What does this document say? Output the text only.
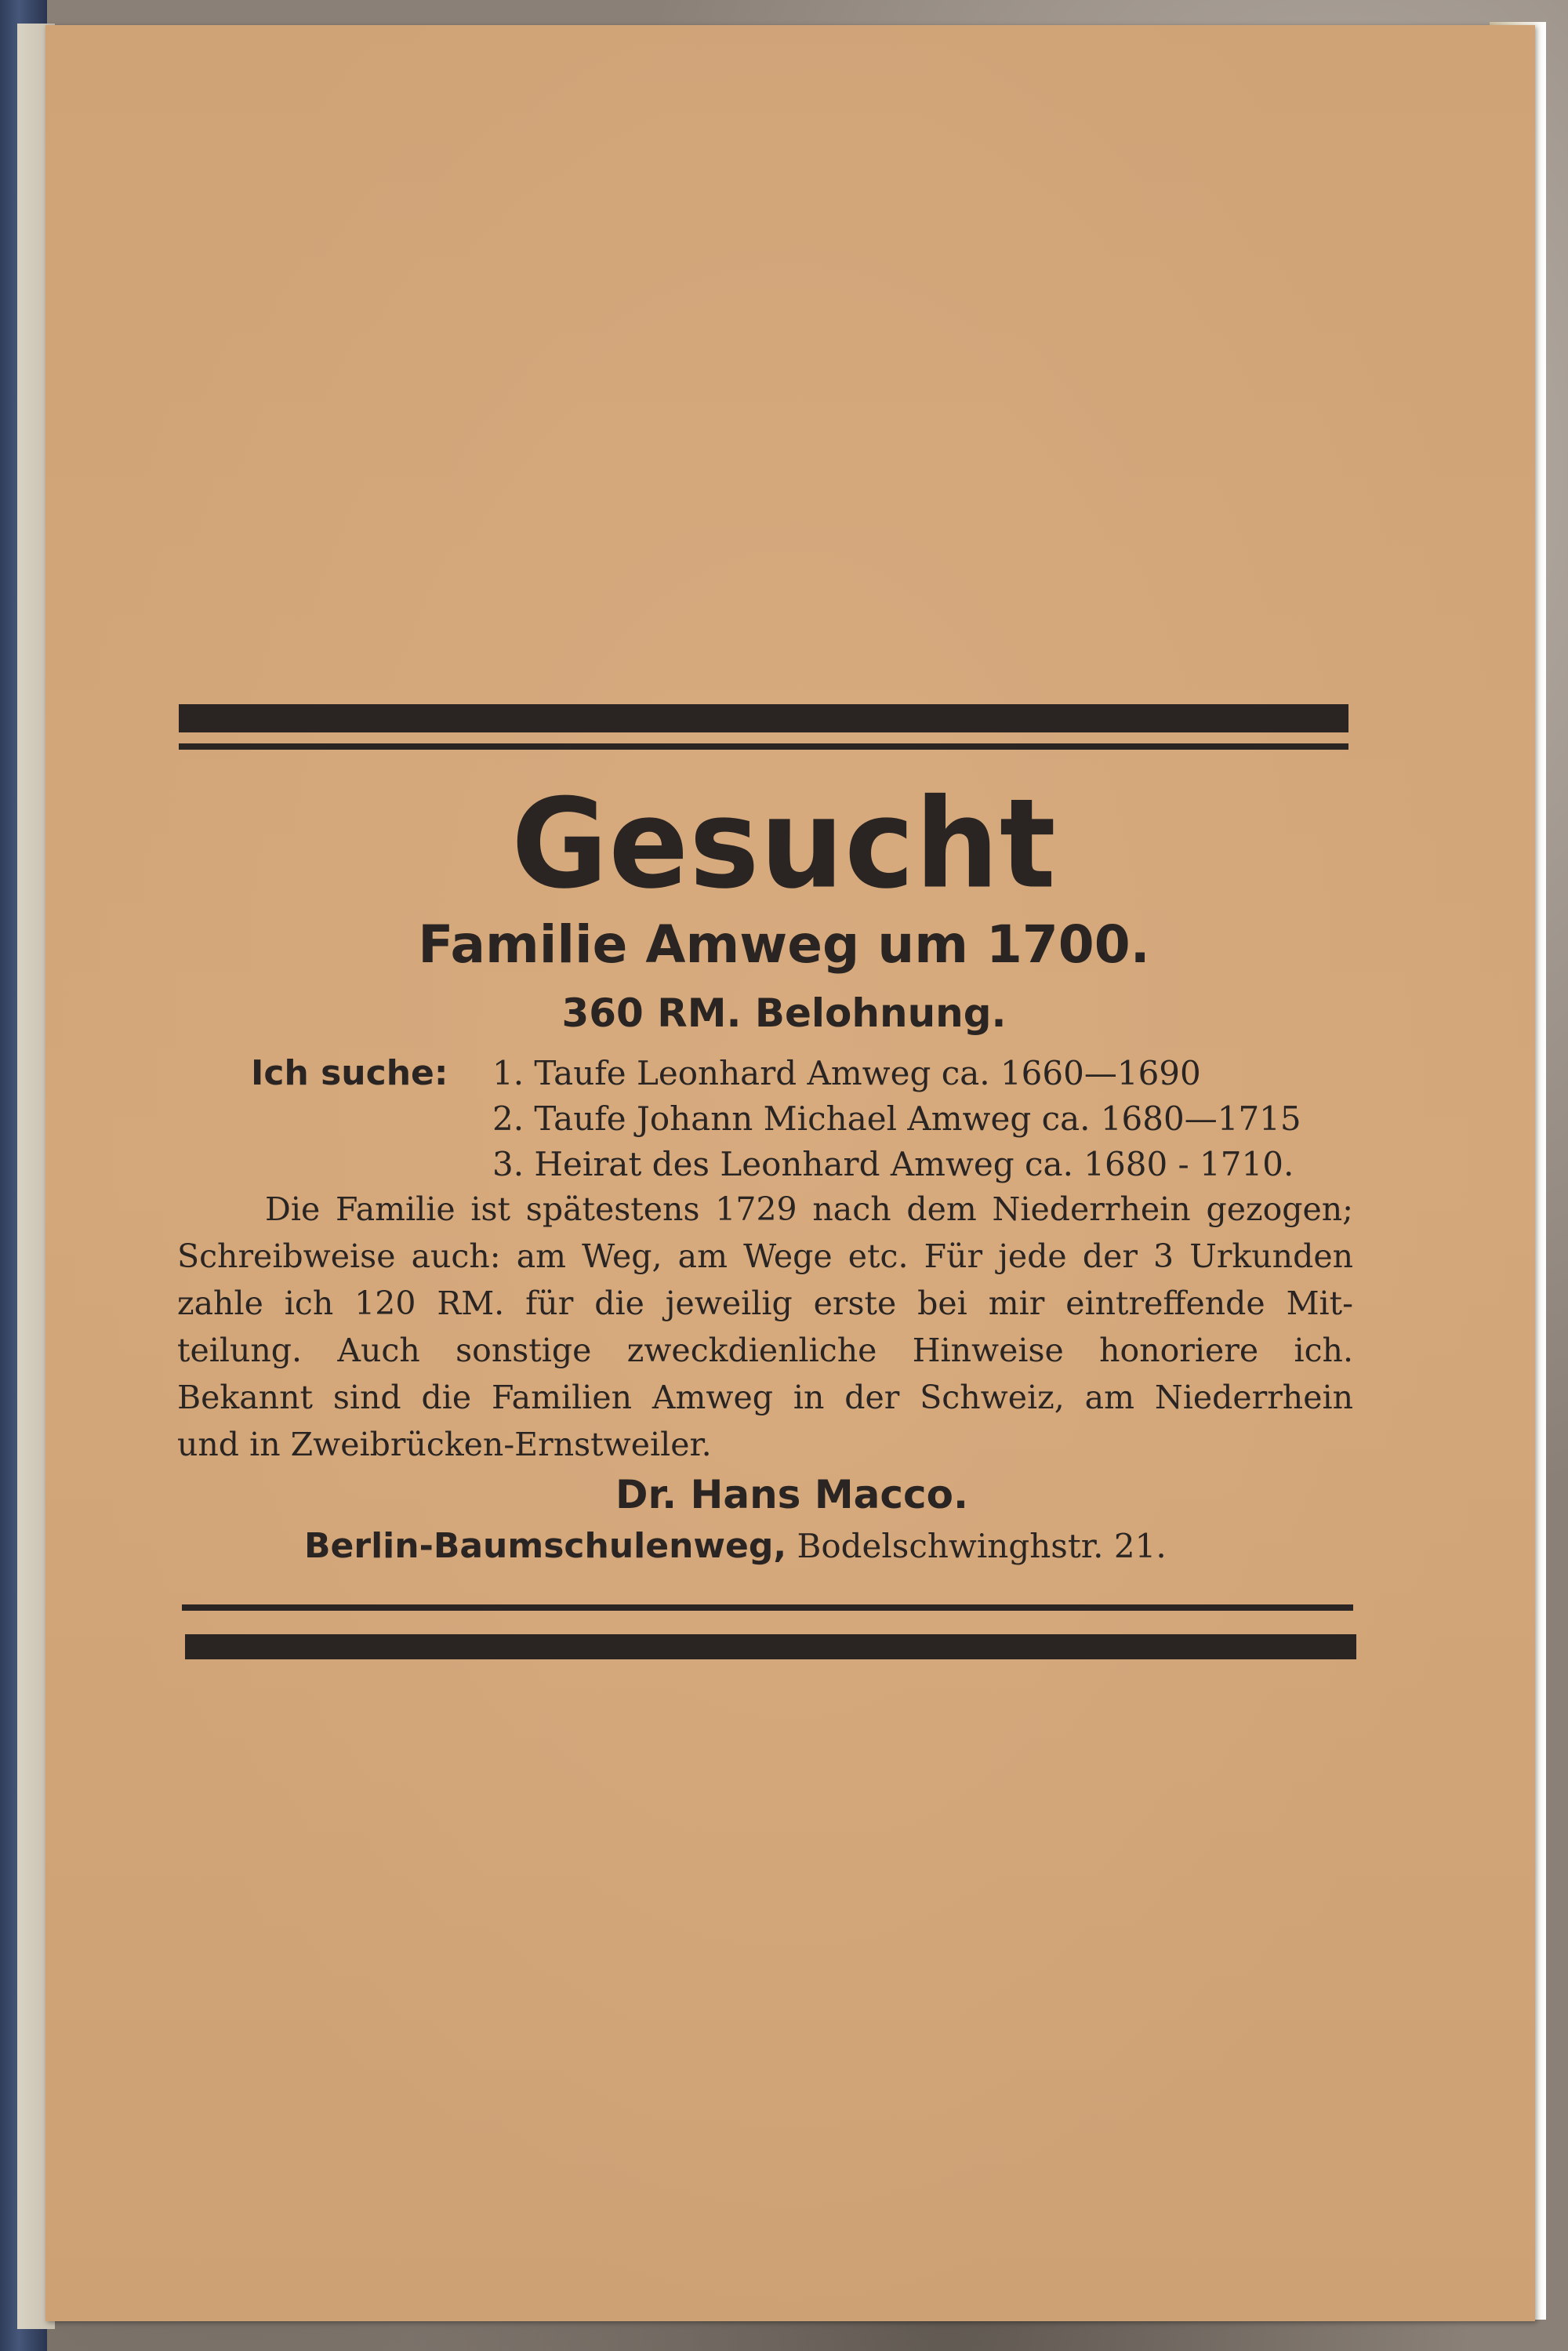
Gesucht
Familie Amweg um 1700.
360 RM. Belohnung.
Ich suche: 1. Taufe Leonhard Amweg ca. 1660—1690
2. Taufe Johann Michael Amweg ca. 1680—1715
3. Heirat des Leonhard Amweg ca. 1680 - 1710.
Die Familie ist spätestens 1729 nach dem Niederrhein gezogen;
Schreibweise auch: am Weg, am Wege etc. Für jede der 3 Urkunden
zahle ich 120 RM. für die jeweilig erste bei mir eintreffende Mit-
teilung. Auch sonstige zweckdienliche Hinweise honoriere ich.
Bekannt sind die Familien Amweg in der Schweiz, am Niederrhein
und in Zweibrücken-Ernstweiler.
Dr. Hans Macco.
Berlin-Baumschulenweg, Bodelschwinghstr. 21.
